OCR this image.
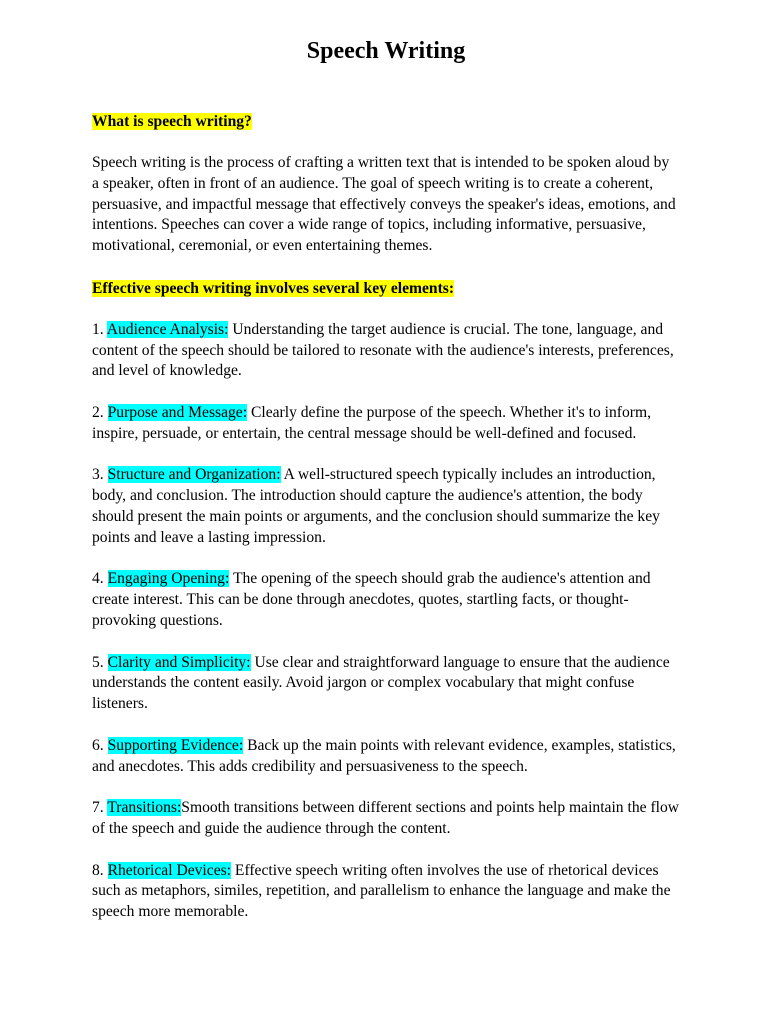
Speech Writing

What is speech writing?

Speech writing is the process of crafting a written text that is intended to be spoken aloud by a speaker, often in front of an audience. The goal of speech writing is to create a coherent, persuasive, and impactful message that effectively conveys the speaker's ideas, emotions, and intentions. Speeches can cover a wide range of topics, including informative, persuasive, motivational, ceremonial, or even entertaining themes.

Effective speech writing involves several key elements:

1. Audience Analysis: Understanding the target audience is crucial. The tone, language, and content of the speech should be tailored to resonate with the audience's interests, preferences, and level of knowledge.

2. Purpose and Message: Clearly define the purpose of the speech. Whether it's to inform, inspire, persuade, or entertain, the central message should be well-defined and focused.

3. Structure and Organization: A well-structured speech typically includes an introduction, body, and conclusion. The introduction should capture the audience's attention, the body should present the main points or arguments, and the conclusion should summarize the key points and leave a lasting impression.

4. Engaging Opening: The opening of the speech should grab the audience's attention and create interest. This can be done through anecdotes, quotes, startling facts, or thought-provoking questions.

5. Clarity and Simplicity: Use clear and straightforward language to ensure that the audience understands the content easily. Avoid jargon or complex vocabulary that might confuse listeners.

6. Supporting Evidence: Back up the main points with relevant evidence, examples, statistics, and anecdotes. This adds credibility and persuasiveness to the speech.

7. Transitions:Smooth transitions between different sections and points help maintain the flow of the speech and guide the audience through the content.

8. Rhetorical Devices: Effective speech writing often involves the use of rhetorical devices such as metaphors, similes, repetition, and parallelism to enhance the language and make the speech more memorable.
